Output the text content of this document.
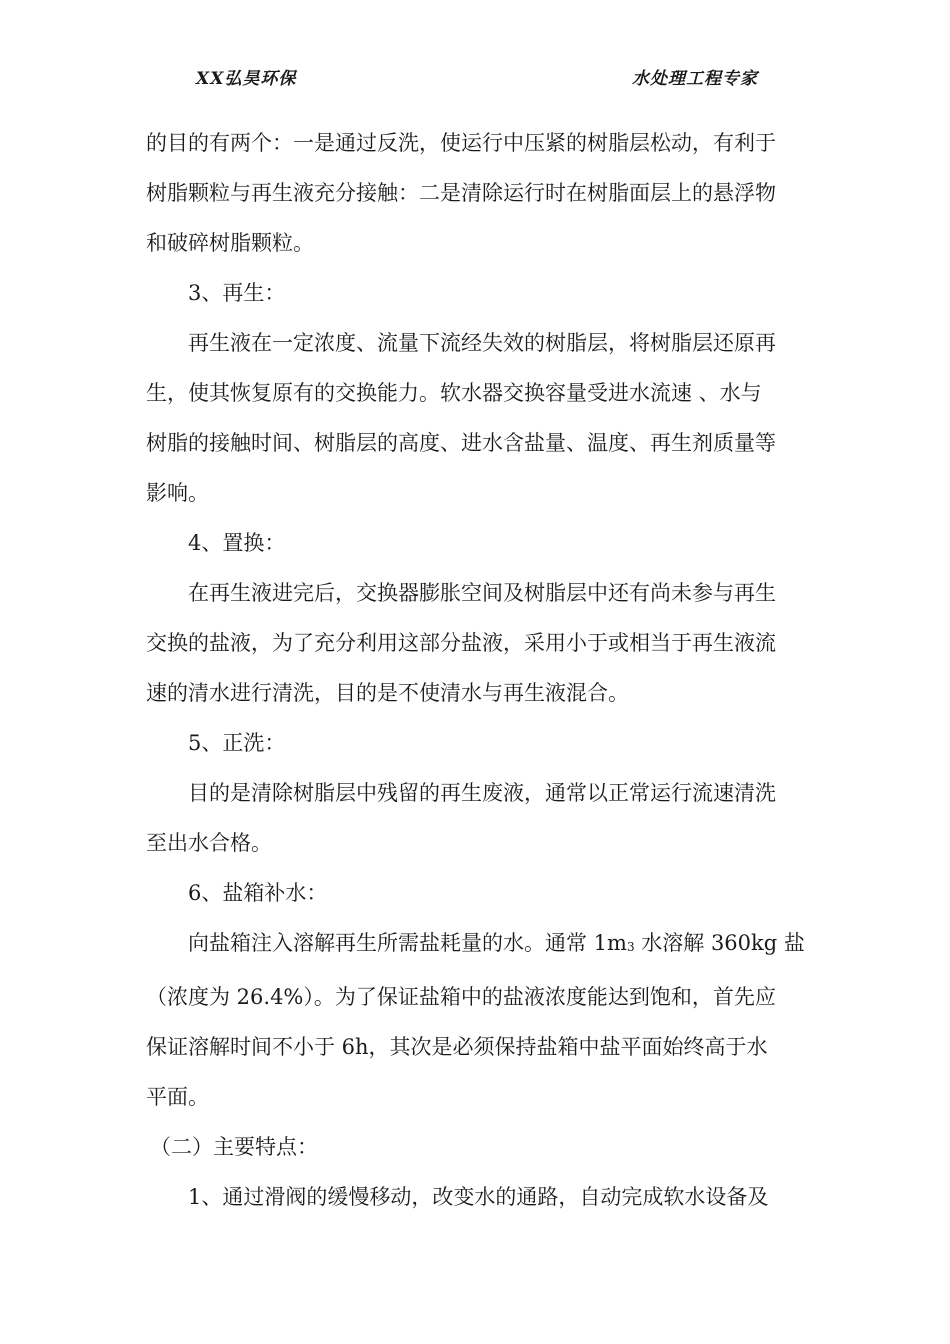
XX弘昊环保	水处理工程专家

的目的有两个：一是通过反洗，使运行中压紧的树脂层松动，有利于

树脂颗粒与再生液充分接触：二是清除运行时在树脂面层上的悬浮物

和破碎树脂颗粒。

3、再生：

再生液在一定浓度、流量下流经失效的树脂层，将树脂层还原再

生，使其恢复原有的交换能力。软水器交换容量受进水流速 、水与

树脂的接触时间、树脂层的高度、进水含盐量、温度、再生剂质量等

影响。

4、置换：

在再生液进完后，交换器膨胀空间及树脂层中还有尚未参与再生

交换的盐液，为了充分利用这部分盐液，采用小于或相当于再生液流

速的清水进行清洗，目的是不使清水与再生液混合。

5、正洗：

目的是清除树脂层中残留的再生废液，通常以正常运行流速清洗

至出水合格。

6、盐箱补水：

向盐箱注入溶解再生所需盐耗量的水。通常 $1m^3$ 水溶解 360kg 盐

（浓度为 26.4%）。为了保证盐箱中的盐液浓度能达到饱和，首先应

保证溶解时间不小于 6h，其次是必须保持盐箱中盐平面始终高于水

平面。

（二）主要特点：

1、通过滑阀的缓慢移动，改变水的通路，自动完成软水设备及
